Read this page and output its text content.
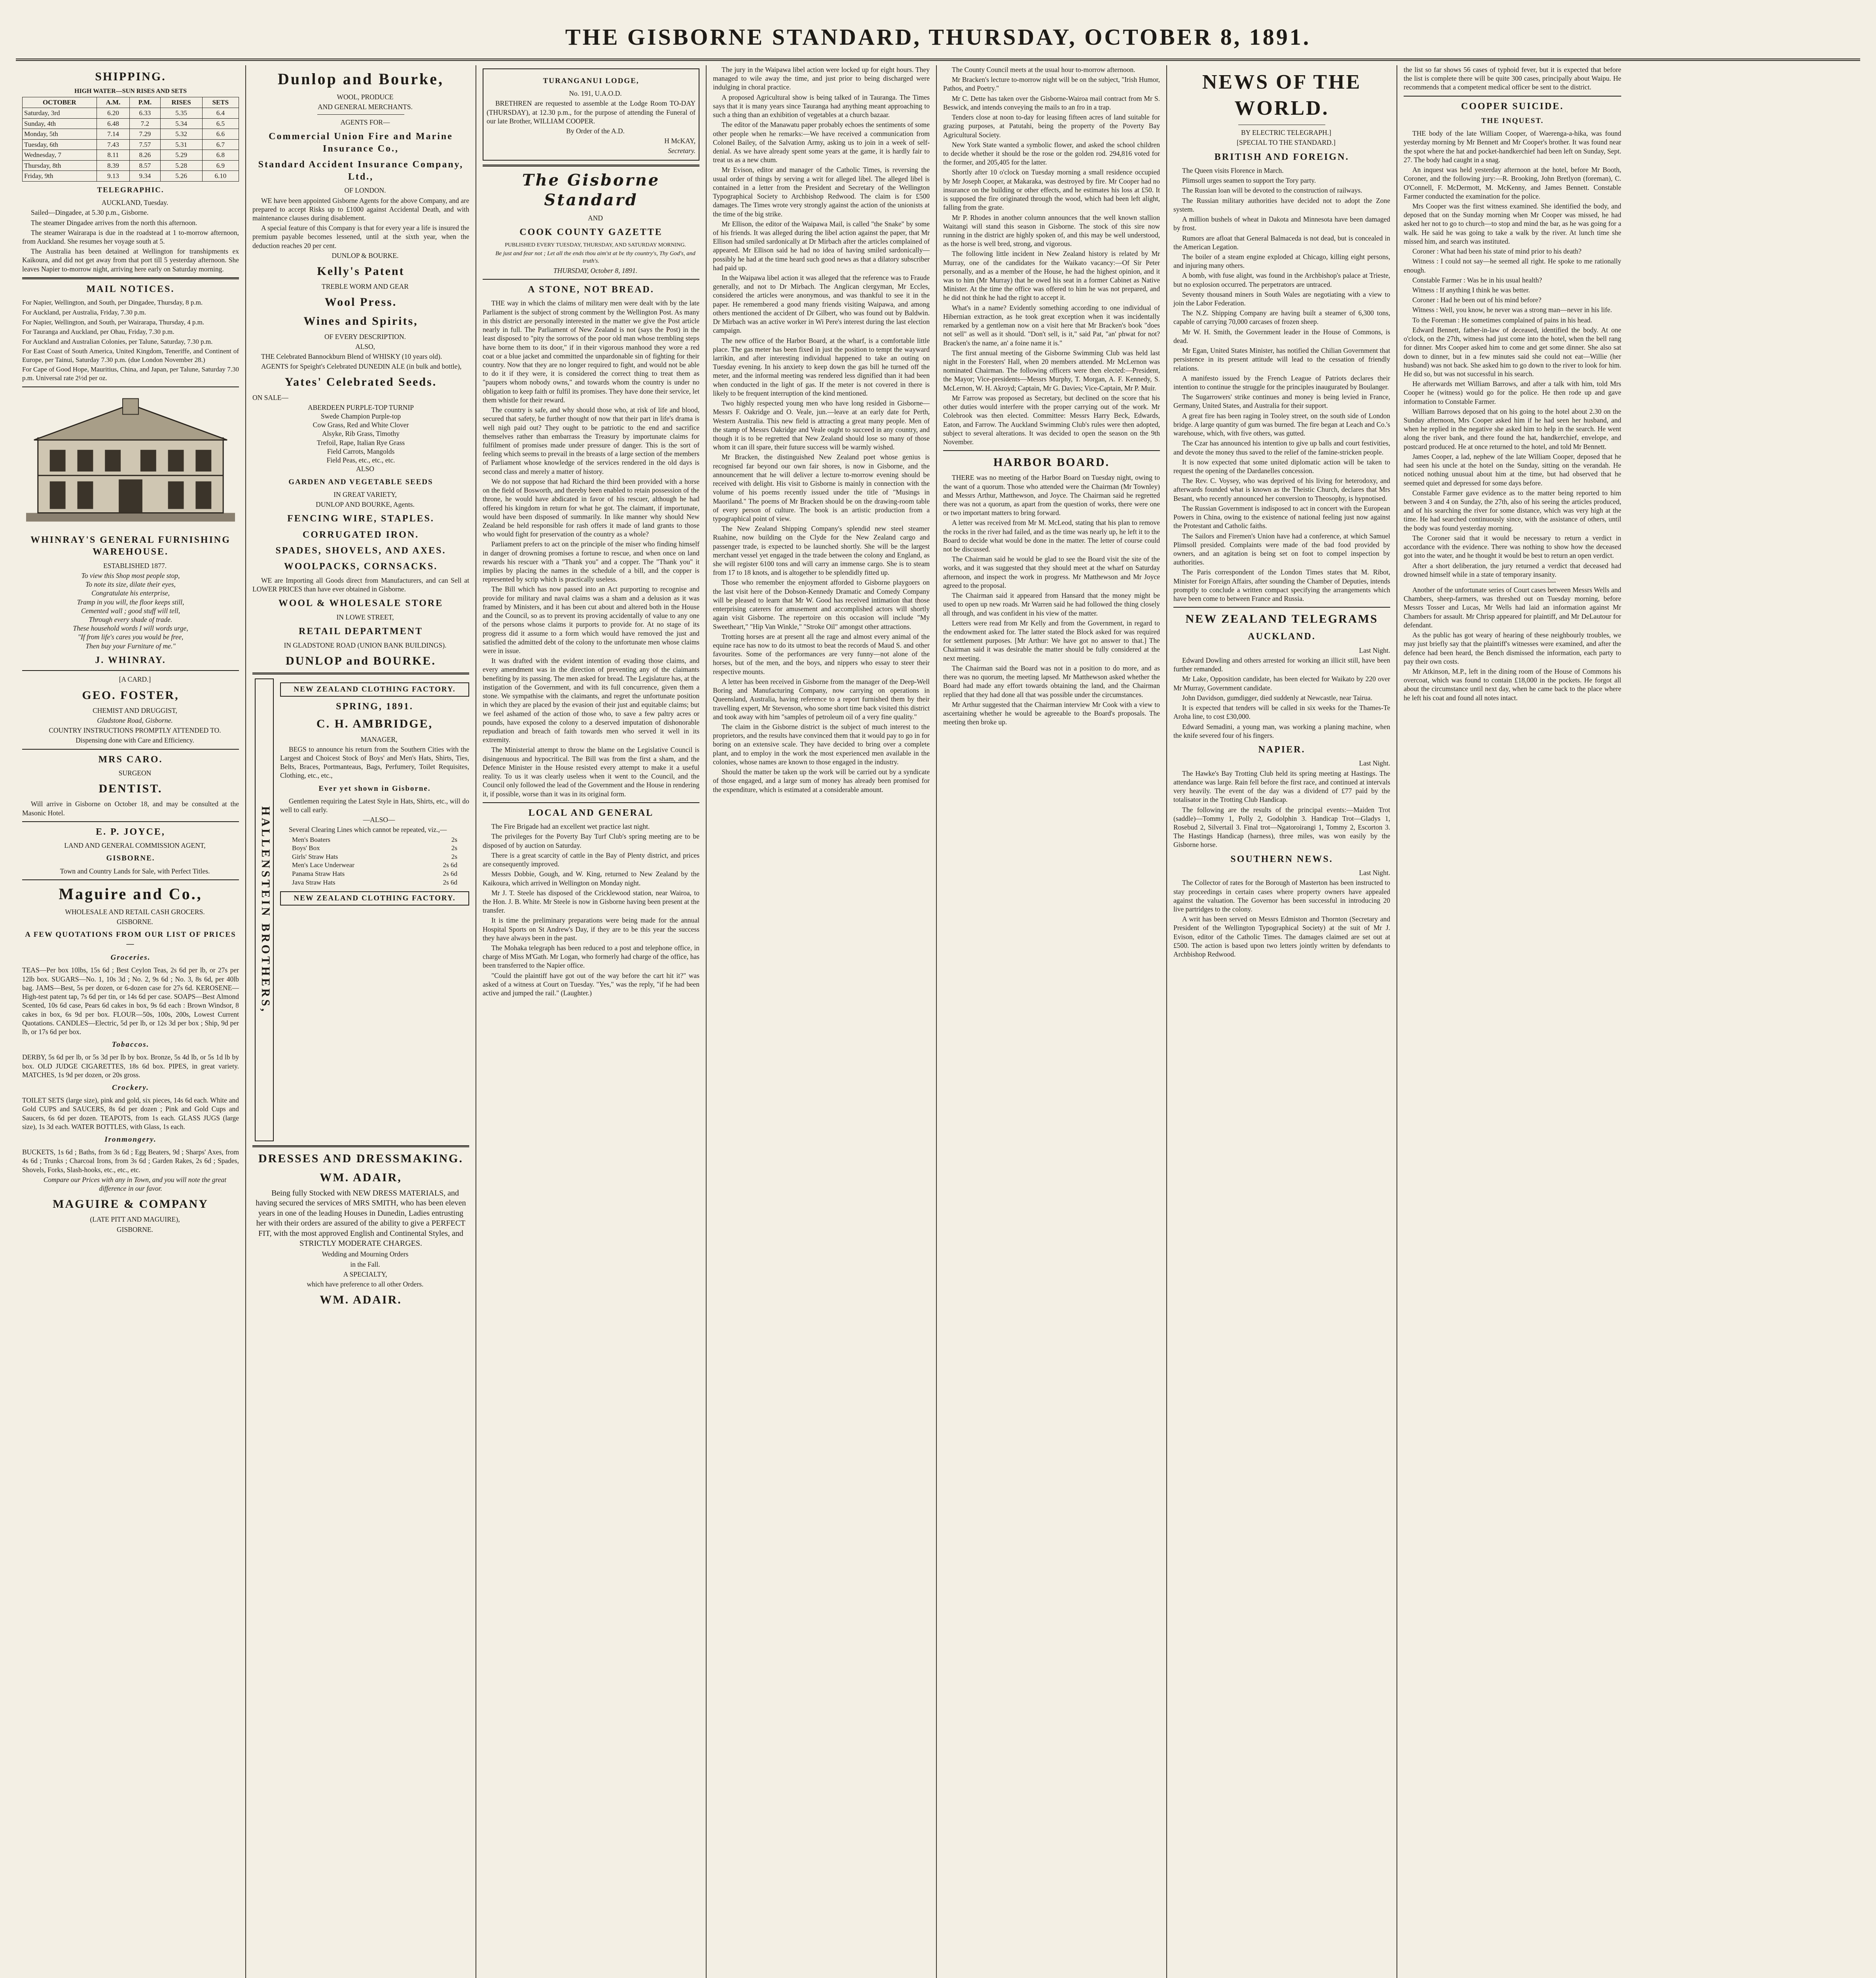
THE GISBORNE STANDARD, THURSDAY, OCTOBER 8, 1891.
SHIPPING.
HIGH WATER—SUN RISES AND SETS
OCTOBER	A.M.	P.M.	RISES	SETS
Saturday, 3rd	6.20	6.33	5.35	6.4
Sunday, 4th	6.48	7.2	5.34	6.5
Monday, 5th	7.14	7.29	5.32	6.6
Tuesday, 6th	7.43	7.57	5.31	6.7
Wednesday, 7	8.11	8.26	5.29	6.8
Thursday, 8th	8.39	8.57	5.28	6.9
Friday, 9th	9.13	9.34	5.26	6.10
TELEGRAPHIC.

AUCKLAND, Tuesday.

Sailed—Dingadee, at 5.30 p.m., Gisborne.

The steamer Dingadee arrives from the north this afternoon.

The steamer Wairarapa is due in the roadstead at 1 to-morrow afternoon, from Auckland. She resumes her voyage south at 5.

The Australia has been detained at Wellington for transhipments ex Kaikoura, and did not get away from that port till 5 yesterday afternoon. She leaves Napier to-morrow night, arriving here early on Saturday morning.

MAIL NOTICES.
For Napier, Wellington, and South, per Dingadee, Thursday, 8 p.m.
For Auckland, per Australia, Friday, 7.30 p.m.
For Napier, Wellington, and South, per Wairarapa, Thursday, 4 p.m.
For Tauranga and Auckland, per Ohau, Friday, 7.30 p.m.
For Auckland and Australian Colonies, per Talune, Saturday, 7.30 p.m.
For East Coast of South America, United Kingdom, Teneriffe, and Continent of Europe, per Tainui, Saturday 7.30 p.m. (due London November 28.)
For Cape of Good Hope, Mauritius, China, and Japan, per Talune, Saturday 7.30 p.m. Universal rate 2½d per oz.
WHINRAY'S GENERAL FURNISHING WAREHOUSE.

ESTABLISHED 1877.

To view this Shop most people stop,
To note its size, dilate their eyes,
Congratulate his enterprise,
Tramp in you will, the floor keeps still,
Cemented wall ; good stuff will tell,
Through every shade of trade.
These household words I will words urge,
"If from life's cares you would be free,
Then buy your Furniture of me."
J. WHINRAY.

[A CARD.]

GEO. FOSTER,

CHEMIST AND DRUGGIST,

Gladstone Road, Gisborne.

COUNTRY INSTRUCTIONS PROMPTLY ATTENDED TO.

Dispensing done with Care and Efficiency.

MRS CARO.

SURGEON

DENTIST.

Will arrive in Gisborne on October 18, and may be consulted at the Masonic Hotel.

E. P. JOYCE,

LAND AND GENERAL COMMISSION AGENT,

GISBORNE.

Town and Country Lands for Sale, with Perfect Titles.

Maguire and Co.,

WHOLESALE AND RETAIL CASH GROCERS.

GISBORNE.

A FEW QUOTATIONS FROM OUR LIST OF PRICES—
Groceries.

TEAS—Per box 10lbs, 15s 6d ; Best Ceylon Teas, 2s 6d per lb, or 27s per 12lb box. SUGARS—No. 1, 10s 3d ; No. 2, 9s 6d ; No. 3, 8s 6d, per 40lb bag. JAMS—Best, 5s per dozen, or 6-dozen case for 27s 6d. KEROSENE—High-test patent tap, 7s 6d per tin, or 14s 6d per case. SOAPS—Best Almond Scented, 10s 6d case, Pears 6d cakes in box, 9s 6d each : Brown Windsor, 8 cakes in box, 6s 9d per box. FLOUR—50s, 100s, 200s, Lowest Current Quotations. CANDLES—Electric, 5d per lb, or 12s 3d per box ; Ship, 9d per lb, or 17s 6d per box.

Tobaccos.

DERBY, 5s 6d per lb, or 5s 3d per lb by box. Bronze, 5s 4d lb, or 5s 1d lb by box. OLD JUDGE CIGARETTES, 18s 6d box. PIPES, in great variety. MATCHES, 1s 9d per dozen, or 20s gross.

Crockery.

TOILET SETS (large size), pink and gold, six pieces, 14s 6d each. White and Gold CUPS and SAUCERS, 8s 6d per dozen ; Pink and Gold Cups and Saucers, 6s 6d per dozen. TEAPOTS, from 1s each. GLASS JUGS (large size), 1s 3d each. WATER BOTTLES, with Glass, 1s each.

Ironmongery.

BUCKETS, 1s 6d ; Baths, from 3s 6d ; Egg Beaters, 9d ; Sharps' Axes, from 4s 6d ; Trunks ; Charcoal Irons, from 3s 6d ; Garden Rakes, 2s 6d ; Spades, Shovels, Forks, Slash-hooks, etc., etc., etc.

Compare our Prices with any in Town, and you will note the great difference in our favor.

MAGUIRE & COMPANY

(LATE PITT AND MAGUIRE),

GISBORNE.

Dunlop and Bourke,

WOOL, PRODUCE

AND GENERAL MERCHANTS.

AGENTS FOR—

Commercial Union Fire and Marine Insurance Co.,
Standard Accident Insurance Company, Ltd.,

OF LONDON.

WE have been appointed Gisborne Agents for the above Company, and are prepared to accept Risks up to £1000 against Accidental Death, and with maintenance clauses during disablement.

A special feature of this Company is that for every year a life is insured the premium payable becomes lessened, until at the sixth year, when the deduction reaches 20 per cent.

DUNLOP & BOURKE.

Kelly's Patent

TREBLE WORM AND GEAR

Wool Press.
Wines and Spirits,

OF EVERY DESCRIPTION.

ALSO,

THE Celebrated Bannockburn Blend of WHISKY (10 years old).

AGENTS for Speight's Celebrated DUNEDIN ALE (in bulk and bottle),

Yates' Celebrated Seeds.

ON SALE—

ABERDEEN PURPLE-TOP TURNIP
Swede Champion Purple-top
Cow Grass, Red and White Clover
Alsyke, Rib Grass, Timothy
Trefoil, Rape, Italian Rye Grass
Field Carrots, Mangolds
Field Peas, etc., etc., etc.

ALSO

GARDEN AND VEGETABLE SEEDS

IN GREAT VARIETY,

DUNLOP AND BOURKE, Agents.

FENCING WIRE, STAPLES.
CORRUGATED IRON.
SPADES, SHOVELS, AND AXES.
WOOLPACKS, CORNSACKS.

WE are Importing all Goods direct from Manufacturers, and can Sell at LOWER PRICES than have ever obtained in Gisborne.

WOOL & WHOLESALE STORE

IN LOWE STREET,

RETAIL DEPARTMENT

IN GLADSTONE ROAD (UNION BANK BUILDINGS).

DUNLOP and BOURKE.
HALLENSTEIN BROTHERS,
NEW ZEALAND CLOTHING FACTORY.
SPRING, 1891.
C. H. AMBRIDGE,

MANAGER,

BEGS to announce his return from the Southern Cities with the Largest and Choicest Stock of Boys' and Men's Hats, Shirts, Ties, Belts, Braces, Portmanteaus, Bags, Perfumery, Toilet Requisites, Clothing, etc., etc.,

Ever yet shown in Gisborne.

Gentlemen requiring the Latest Style in Hats, Shirts, etc., will do well to call early.

—ALSO—

Several Clearing Lines which cannot be repeated, viz.,—

Men's Boaters	2s
Boys' Box	2s
Girls' Straw Hats	2s
Men's Lace Underwear	2s 6d
Panama Straw Hats	2s 6d
Java Straw Hats	2s 6d
NEW ZEALAND CLOTHING FACTORY.
DRESSES AND DRESSMAKING.
WM. ADAIR,

Being fully Stocked with NEW DRESS MATERIALS, and having secured the services of MRS SMITH, who has been eleven years in one of the leading Houses in Dunedin, Ladies entrusting her with their orders are assured of the ability to give a PERFECT FIT, with the most approved English and Continental Styles, and STRICTLY MODERATE CHARGES.

Wedding and Mourning Orders

in the Fall.

A SPECIALTY,

which have preference to all other Orders.

WM. ADAIR.
TURANGANUI LODGE,

No. 191, U.A.O.D.

BRETHREN are requested to assemble at the Lodge Room TO-DAY (THURSDAY), at 12.30 p.m., for the purpose of attending the Funeral of our late Brother, WILLIAM COOPER.

By Order of the A.D.

H McKAY,

Secretary.

The Gisborne Standard

AND

COOK COUNTY GAZETTE

PUBLISHED EVERY TUESDAY, THURSDAY, AND SATURDAY MORNING.

Be just and fear not ; Let all the ends thou aim'st at be thy country's, Thy God's, and truth's.

THURSDAY, October 8, 1891.

A STONE, NOT BREAD.

THE way in which the claims of military men were dealt with by the late Parliament is the subject of strong comment by the Wellington Post. As many in this district are personally interested in the matter we give the Post article nearly in full. The Parliament of New Zealand is not (says the Post) in the least disposed to "pity the sorrows of the poor old man whose trembling steps have borne them to its door," if in their vigorous manhood they wore a red coat or a blue jacket and committed the unpardonable sin of fighting for their country. Now that they are no longer required to fight, and would not be able to do it if they were, it is considered the correct thing to treat them as "paupers whom nobody owns," and towards whom the country is under no obligation to keep faith or fulfil its promises. They have done their service, let them whistle for their reward.

The country is safe, and why should those who, at risk of life and blood, secured that safety, be further thought of now that their part in life's drama is well nigh paid out? They ought to be patriotic to the end and sacrifice themselves rather than embarrass the Treasury by importunate claims for fulfilment of promises made under pressure of danger. This is the sort of feeling which seems to prevail in the breasts of a large section of the members of Parliament whose knowledge of the services rendered in the old days is second class and merely a matter of history.

We do not suppose that had Richard the third been provided with a horse on the field of Bosworth, and thereby been enabled to retain possession of the throne, he would have abdicated in favor of his rescuer, although he had offered his kingdom in return for what he got. The claimant, if importunate, would have been disposed of summarily. In like manner why should New Zealand be held responsible for rash offers it made of land grants to those who would fight for preservation of the country as a whole?

Parliament prefers to act on the principle of the miser who finding himself in danger of drowning promises a fortune to rescue, and when once on land rewards his rescuer with a "Thank you" and a copper. The "Thank you" it implies by placing the names in the schedule of a bill, and the copper is represented by scrip which is practically useless.

The Bill which has now passed into an Act purporting to recognise and provide for military and naval claims was a sham and a delusion as it was framed by Ministers, and it has been cut about and altered both in the House and the Council, so as to prevent its proving accidentally of value to any one of the persons whose claims it purports to provide for. At no stage of its progress did it assume to a form which would have removed the just and satisfied the admitted debt of the colony to the unfortunate men whose claims were in issue.

It was drafted with the evident intention of evading those claims, and every amendment was in the direction of preventing any of the claimants benefiting by its passing. The men asked for bread. The Legislature has, at the instigation of the Government, and with its full concurrence, given them a stone. We sympathise with the claimants, and regret the unfortunate position in which they are placed by the evasion of their just and equitable claims; but we feel ashamed of the action of those who, to save a few paltry acres or pounds, have exposed the colony to a deserved imputation of dishonorable repudiation and breach of faith towards men who served it well in its extremity.

The Ministerial attempt to throw the blame on the Legislative Council is disingenuous and hypocritical. The Bill was from the first a sham, and the Defence Minister in the House resisted every attempt to make it a useful reality. To us it was clearly useless when it went to the Council, and the Council only followed the lead of the Government and the House in rendering it, if possible, worse than it was in its original form.

LOCAL AND GENERAL

The Fire Brigade had an excellent wet practice last night.

The privileges for the Poverty Bay Turf Club's spring meeting are to be disposed of by auction on Saturday.

There is a great scarcity of cattle in the Bay of Plenty district, and prices are consequently improved.

Messrs Dobbie, Gough, and W. King, returned to New Zealand by the Kaikoura, which arrived in Wellington on Monday night.

Mr J. T. Steele has disposed of the Cricklewood station, near Wairoa, to the Hon. J. B. White. Mr Steele is now in Gisborne having been present at the transfer.

It is time the preliminary preparations were being made for the annual Hospital Sports on St Andrew's Day, if they are to be this year the success they have always been in the past.

The Mohaka telegraph has been reduced to a post and telephone office, in charge of Miss M'Gath. Mr Logan, who formerly had charge of the office, has been transferred to the Napier office.

"Could the plaintiff have got out of the way before the cart hit it?" was asked of a witness at Court on Tuesday. "Yes," was the reply, "if he had been active and jumped the rail." (Laughter.)

The jury in the Waipawa libel action were locked up for eight hours. They managed to wile away the time, and just prior to being discharged were indulging in choral practice.

A proposed Agricultural show is being talked of in Tauranga. The Times says that it is many years since Tauranga had anything meant approaching to such a thing than an exhibition of vegetables at a church bazaar.

The editor of the Manawatu paper probably echoes the sentiments of some other people when he remarks:—We have received a communication from Colonel Bailey, of the Salvation Army, asking us to join in a week of self-denial. As we have already spent some years at the game, it is hardly fair to treat us as a new chum.

Mr Evison, editor and manager of the Catholic Times, is reversing the usual order of things by serving a writ for alleged libel. The alleged libel is contained in a letter from the President and Secretary of the Wellington Typographical Society to Archbishop Redwood. The claim is for £500 damages. The Times wrote very strongly against the action of the unionists at the time of the big strike.

Mr Ellison, the editor of the Waipawa Mail, is called "the Snake" by some of his friends. It was alleged during the libel action against the paper, that Mr Ellison had smiled sardonically at Dr Mirbach after the articles complained of appeared. Mr Ellison said he had no idea of having smiled sardonically—possibly he had at the time heard such good news as that a dilatory subscriber had paid up.

In the Waipawa libel action it was alleged that the reference was to Fraude generally, and not to Dr Mirbach. The Anglican clergyman, Mr Eccles, considered the articles were anonymous, and was thankful to see it in the paper. He remembered a good many friends visiting Waipawa, and among others mentioned the accident of Dr Gilbert, who was found out by Baldwin. Dr Mirbach was an active worker in Wi Pere's interest during the last election campaign.

The new office of the Harbor Board, at the wharf, is a comfortable little place. The gas meter has been fixed in just the position to tempt the wayward larrikin, and after interesting individual happened to take an outing on Tuesday evening. In his anxiety to keep down the gas bill he turned off the meter, and the informal meeting was rendered less dignified than it had been when conducted in the light of gas. If the meter is not covered in there is likely to be frequent interruption of the kind mentioned.

Two highly respected young men who have long resided in Gisborne—Messrs F. Oakridge and O. Veale, jun.—leave at an early date for Perth, Western Australia. This new field is attracting a great many people. Men of the stamp of Messrs Oakridge and Veale ought to succeed in any country, and though it is to be regretted that New Zealand should lose so many of those whom it can ill spare, their future success will be warmly wished.

Mr Bracken, the distinguished New Zealand poet whose genius is recognised far beyond our own fair shores, is now in Gisborne, and the announcement that he will deliver a lecture to-morrow evening should be received with delight. His visit to Gisborne is mainly in connection with the volume of his poems recently issued under the title of "Musings in Maoriland." The poems of Mr Bracken should be on the drawing-room table of every person of culture. The book is an artistic production from a typographical point of view.

The New Zealand Shipping Company's splendid new steel steamer Ruahine, now building on the Clyde for the New Zealand cargo and passenger trade, is expected to be launched shortly. She will be the largest merchant vessel yet engaged in the trade between the colony and England, as she will register 6100 tons and will carry an immense cargo. She is to steam from 17 to 18 knots, and is altogether to be splendidly fitted up.

Those who remember the enjoyment afforded to Gisborne playgoers on the last visit here of the Dobson-Kennedy Dramatic and Comedy Company will be pleased to learn that Mr W. Good has received intimation that those enterprising caterers for amusement and accomplished actors will shortly again visit Gisborne. The repertoire on this occasion will include "My Sweetheart," "Hip Van Winkle," "Stroke Oil" amongst other attractions.

Trotting horses are at present all the rage and almost every animal of the equine race has now to do its utmost to beat the records of Maud S. and other favourites. Some of the performances are very funny—not alone of the horses, but of the men, and the boys, and nippers who essay to steer their respective mounts.

A letter has been received in Gisborne from the manager of the Deep-Well Boring and Manufacturing Company, now carrying on operations in Queensland, Australia, having reference to a report furnished them by their travelling expert, Mr Stevenson, who some short time back visited this district and took away with him "samples of petroleum oil of a very fine quality."

The claim in the Gisborne district is the subject of much interest to the proprietors, and the results have convinced them that it would pay to go in for boring on an extensive scale. They have decided to bring over a complete plant, and to employ in the work the most experienced men available in the colonies, whose names are known to those engaged in the industry.

Should the matter be taken up the work will be carried out by a syndicate of those engaged, and a large sum of money has already been promised for the expenditure, which is estimated at a considerable amount.

The County Council meets at the usual hour to-morrow afternoon.

Mr Bracken's lecture to-morrow night will be on the subject, "Irish Humor, Pathos, and Poetry."

Mr C. Dette has taken over the Gisborne-Wairoa mail contract from Mr S. Beswick, and intends conveying the mails to an fro in a trap.

Tenders close at noon to-day for leasing fifteen acres of land suitable for grazing purposes, at Patutahi, being the property of the Poverty Bay Agricultural Society.

New York State wanted a symbolic flower, and asked the school children to decide whether it should be the rose or the golden rod. 294,816 voted for the former, and 205,405 for the latter.

Shortly after 10 o'clock on Tuesday morning a small residence occupied by Mr Joseph Cooper, at Makaraka, was destroyed by fire. Mr Cooper had no insurance on the building or other effects, and he estimates his loss at £50. It is supposed the fire originated through the wood, which had been left alight, falling from the grate.

Mr P. Rhodes in another column announces that the well known stallion Waitangi will stand this season in Gisborne. The stock of this sire now running in the district are highly spoken of, and this may be well understood, as the horse is well bred, strong, and vigorous.

The following little incident in New Zealand history is related by Mr Murray, one of the candidates for the Waikato vacancy:—Of Sir Peter personally, and as a member of the House, he had the highest opinion, and it was to him (Mr Murray) that he owed his seat in a former Cabinet as Native Minister. At the time the office was offered to him he was not prepared, and he did not think he had the right to accept it.

What's in a name? Evidently something according to one individual of Hibernian extraction, as he took great exception when it was incidentally remarked by a gentleman now on a visit here that Mr Bracken's book "does not sell" as well as it should. "Don't sell, is it," said Pat, "an' phwat for not? Bracken's the name, an' a foine name it is."

The first annual meeting of the Gisborne Swimming Club was held last night in the Foresters' Hall, when 20 members attended. Mr McLernon was nominated Chairman. The following officers were then elected:—President, the Mayor; Vice-presidents—Messrs Murphy, T. Morgan, A. F. Kennedy, S. McLernon, W. H. Akroyd; Captain, Mr G. Davies; Vice-Captain, Mr P. Muir.

Mr Farrow was proposed as Secretary, but declined on the score that his other duties would interfere with the proper carrying out of the work. Mr Colebrook was then elected. Committee: Messrs Harry Beck, Edwards, Eaton, and Farrow. The Auckland Swimming Club's rules were then adopted, subject to several alterations. It was decided to open the season on the 9th November.

HARBOR BOARD.

THERE was no meeting of the Harbor Board on Tuesday night, owing to the want of a quorum. Those who attended were the Chairman (Mr Townley) and Messrs Arthur, Matthewson, and Joyce. The Chairman said he regretted there was not a quorum, as apart from the question of works, there were one or two important matters to bring forward.

A letter was received from Mr M. McLeod, stating that his plan to remove the rocks in the river had failed, and as the time was nearly up, he left it to the Board to decide what would be done in the matter. The letter of course could not be discussed.

The Chairman said he would be glad to see the Board visit the site of the works, and it was suggested that they should meet at the wharf on Saturday afternoon, and inspect the work in progress. Mr Matthewson and Mr Joyce agreed to the proposal.

The Chairman said it appeared from Hansard that the money might be used to open up new roads. Mr Warren said he had followed the thing closely all through, and was confident in his view of the matter.

Letters were read from Mr Kelly and from the Government, in regard to the endowment asked for. The latter stated the Block asked for was required for settlement purposes. [Mr Arthur: We have got no answer to that.] The Chairman said it was desirable the matter should be fully considered at the next meeting.

The Chairman said the Board was not in a position to do more, and as there was no quorum, the meeting lapsed. Mr Matthewson asked whether the Board had made any effort towards obtaining the land, and the Chairman replied that they had done all that was possible under the circumstances.

Mr Arthur suggested that the Chairman interview Mr Cook with a view to ascertaining whether he would be agreeable to the Board's proposals. The meeting then broke up.

NEWS OF THE WORLD.

BY ELECTRIC TELEGRAPH.]

[SPECIAL TO THE STANDARD.]

BRITISH AND FOREIGN.

The Queen visits Florence in March.

Plimsoll urges seamen to support the Tory party.

The Russian loan will be devoted to the construction of railways.

The Russian military authorities have decided not to adopt the Zone system.

A million bushels of wheat in Dakota and Minnesota have been damaged by frost.

Rumors are afloat that General Balmaceda is not dead, but is concealed in the American Legation.

The boiler of a steam engine exploded at Chicago, killing eight persons, and injuring many others.

A bomb, with fuse alight, was found in the Archbishop's palace at Trieste, but no explosion occurred. The perpetrators are untraced.

Seventy thousand miners in South Wales are negotiating with a view to join the Labor Federation.

The N.Z. Shipping Company are having built a steamer of 6,300 tons, capable of carrying 70,000 carcases of frozen sheep.

Mr W. H. Smith, the Government leader in the House of Commons, is dead.

Mr Egan, United States Minister, has notified the Chilian Government that persistence in its present attitude will lead to the cessation of friendly relations.

A manifesto issued by the French League of Patriots declares their intention to continue the struggle for the principles inaugurated by Boulanger.

The Sugarrowers' strike continues and money is being levied in France, Germany, United States, and Australia for their support.

A great fire has been raging in Tooley street, on the south side of London bridge. A large quantity of gum was burned. The fire began at Leach and Co.'s warehouse, which, with five others, was gutted.

The Czar has announced his intention to give up balls and court festivities, and devote the money thus saved to the relief of the famine-stricken people.

It is now expected that some united diplomatic action will be taken to request the opening of the Dardanelles concession.

The Rev. C. Voysey, who was deprived of his living for heterodoxy, and afterwards founded what is known as the Theistic Church, declares that Mrs Besant, who recently announced her conversion to Theosophy, is hypnotised.

The Russian Government is indisposed to act in concert with the European Powers in China, owing to the existence of national feeling just now against the Protestant and Catholic faiths.

The Sailors and Firemen's Union have had a conference, at which Samuel Plimsoll presided. Complaints were made of the bad food provided by owners, and an agitation is being set on foot to compel inspection by authorities.

The Paris correspondent of the London Times states that M. Ribot, Minister for Foreign Affairs, after sounding the Chamber of Deputies, intends promptly to conclude a written compact specifying the arrangements which have been come to between France and Russia.

NEW ZEALAND TELEGRAMS
AUCKLAND.

Last Night.

Edward Dowling and others arrested for working an illicit still, have been further remanded.

Mr Lake, Opposition candidate, has been elected for Waikato by 220 over Mr Murray, Government candidate.

John Davidson, gumdigger, died suddenly at Newcastle, near Tairua.

It is expected that tenders will be called in six weeks for the Thames-Te Aroha line, to cost £30,000.

Edward Semadini, a young man, was working a planing machine, when the knife severed four of his fingers.

NAPIER.

Last Night.

The Hawke's Bay Trotting Club held its spring meeting at Hastings. The attendance was large. Rain fell before the first race, and continued at intervals very heavily. The event of the day was a dividend of £77 paid by the totalisator in the Trotting Club Handicap.

The following are the results of the principal events:—Maiden Trot (saddle)—Tommy 1, Polly 2, Godolphin 3. Handicap Trot—Gladys 1, Rosebud 2, Silvertail 3. Final trot—Ngatoroirangi 1, Tommy 2, Escorton 3. The Hastings Handicap (harness), three miles, was won easily by the Gisborne horse.

SOUTHERN NEWS.

Last Night.

The Collector of rates for the Borough of Masterton has been instructed to stay proceedings in certain cases where property owners have appealed against the valuation. The Governor has been successful in introducing 20 live partridges to the colony.

A writ has been served on Messrs Edmiston and Thornton (Secretary and President of the Wellington Typographical Society) at the suit of Mr J. Evison, editor of the Catholic Times. The damages claimed are set out at £500. The action is based upon two letters jointly written by defendants to Archbishop Redwood.

the list so far shows 56 cases of typhoid fever, but it is expected that before the list is complete there will be quite 300 cases, principally about Waipu. He recommends that a competent medical officer be sent to the district.

COOPER SUICIDE.
THE INQUEST.

THE body of the late William Cooper, of Waerenga-a-hika, was found yesterday morning by Mr Bennett and Mr Cooper's brother. It was found near the spot where the hat and pocket-handkerchief had been left on Sunday, Sept. 27. The body had caught in a snag.

An inquest was held yesterday afternoon at the hotel, before Mr Booth, Coroner, and the following jury:—R. Brooking, John Bretlyon (foreman), C. O'Connell, F. McDermott, M. McKenny, and James Bennett. Constable Farmer conducted the examination for the police.

Mrs Cooper was the first witness examined. She identified the body, and deposed that on the Sunday morning when Mr Cooper was missed, he had asked her not to go to church—to stop and mind the bar, as he was going for a walk. He said he was going to take a walk by the river. At lunch time she missed him, and search was instituted.

Coroner : What had been his state of mind prior to his death?

Witness : I could not say—he seemed all right. He spoke to me rationally enough.

Constable Farmer : Was he in his usual health?

Witness : If anything I think he was better.

Coroner : Had he been out of his mind before?

Witness : Well, you know, he never was a strong man—never in his life.

To the Foreman : He sometimes complained of pains in his head.

Edward Bennett, father-in-law of deceased, identified the body. At one o'clock, on the 27th, witness had just come into the hotel, when the bell rang for dinner. Mrs Cooper asked him to come and get some dinner. She also sat down to dinner, but in a few minutes said she could not eat—Willie (her husband) was not back. She asked him to go down to the river to look for him. He did so, but was not successful in his search.

He afterwards met William Barrows, and after a talk with him, told Mrs Cooper he (witness) would go for the police. He then rode up and gave information to Constable Farmer.

William Barrows deposed that on his going to the hotel about 2.30 on the Sunday afternoon, Mrs Cooper asked him if he had seen her husband, and when he replied in the negative she asked him to help in the search. He went along the river bank, and there found the hat, handkerchief, envelope, and postcard produced. He at once returned to the hotel, and told Mr Bennett.

James Cooper, a lad, nephew of the late William Cooper, deposed that he had seen his uncle at the hotel on the Sunday, sitting on the verandah. He noticed nothing unusual about him at the time, but had observed that he seemed quiet and depressed for some days before.

Constable Farmer gave evidence as to the matter being reported to him between 3 and 4 on Sunday, the 27th, also of his seeing the articles produced, and of his searching the river for some distance, which was very high at the time. He had searched continuously since, with the assistance of others, until the body was found yesterday morning.

The Coroner said that it would be necessary to return a verdict in accordance with the evidence. There was nothing to show how the deceased got into the water, and he thought it would be best to return an open verdict.

After a short deliberation, the jury returned a verdict that deceased had drowned himself while in a state of temporary insanity.

Another of the unfortunate series of Court cases between Messrs Wells and Chambers, sheep-farmers, was threshed out on Tuesday morning, before Messrs Tosser and Lucas, Mr Wells had laid an information against Mr Chambers for assault. Mr Chrisp appeared for plaintiff, and Mr DeLautour for defendant.

As the public has got weary of hearing of these neighbourly troubles, we may just briefly say that the plaintiff's witnesses were examined, and after the defence had been heard, the Bench dismissed the information, each party to pay their own costs.

Mr Atkinson, M.P., left in the dining room of the House of Commons his overcoat, which was found to contain £18,000 in the pockets. He forgot all about the circumstance until next day, when he came back to the place where he left his coat and found all notes intact.
